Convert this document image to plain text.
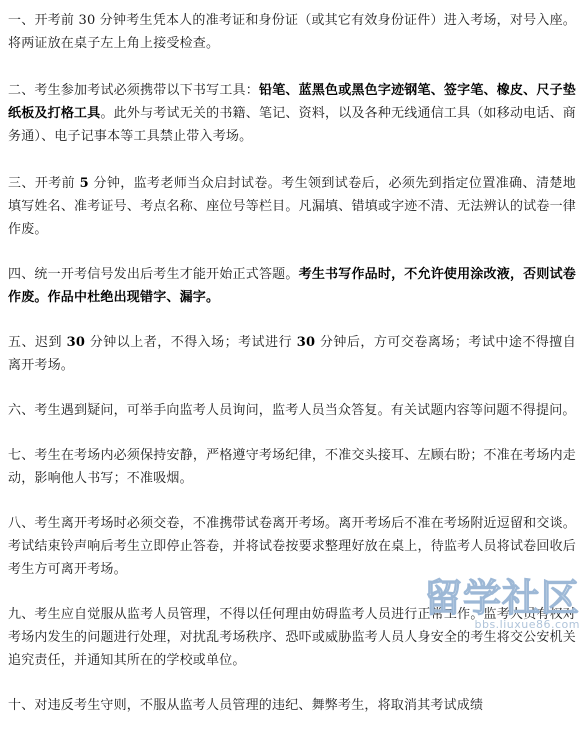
一、开考前 30 分钟考生凭本人的准考证和身份证（或其它有效身份证件）进入考场，对号入座。将两证放在桌子左上角上接受检查。

二、考生参加考试必须携带以下书写工具：铅笔、蓝黑色或黑色字迹钢笔、签字笔、橡皮、尺子垫纸板及打格工具。此外与考试无关的书籍、笔记、资料，以及各种无线通信工具（如移动电话、商务通）、电子记事本等工具禁止带入考场。

三、开考前 5 分钟，监考老师当众启封试卷。考生领到试卷后，必须先到指定位置准确、清楚地填写姓名、准考证号、考点名称、座位号等栏目。凡漏填、错填或字迹不清、无法辨认的试卷一律作废。

四、统一开考信号发出后考生才能开始正式答题。考生书写作品时，不允许使用涂改液，否则试卷作废。作品中杜绝出现错字、漏字。

五、迟到 30 分钟以上者，不得入场；考试进行 30 分钟后，方可交卷离场；考试中途不得擅自离开考场。

六、考生遇到疑问，可举手向监考人员询问，监考人员当众答复。有关试题内容等问题不得提问。

七、考生在考场内必须保持安静，严格遵守考场纪律，不准交头接耳、左顾右盼；不准在考场内走动，影响他人书写；不准吸烟。

八、考生离开考场时必须交卷，不准携带试卷离开考场。离开考场后不准在考场附近逗留和交谈。考试结束铃声响后考生立即停止答卷，并将试卷按要求整理好放在桌上，待监考人员将试卷回收后考生方可离开考场。

九、考生应自觉服从监考人员管理，不得以任何理由妨碍监考人员进行正常工作。监考人员有权对考场内发生的问题进行处理，对扰乱考场秩序、恐吓或威胁监考人员人身安全的考生将交公安机关追究责任，并通知其所在的学校或单位。

十、对违反考生守则，不服从监考人员管理的违纪、舞弊考生，将取消其考试成绩

留学社区
bbs.liuxue86.com
